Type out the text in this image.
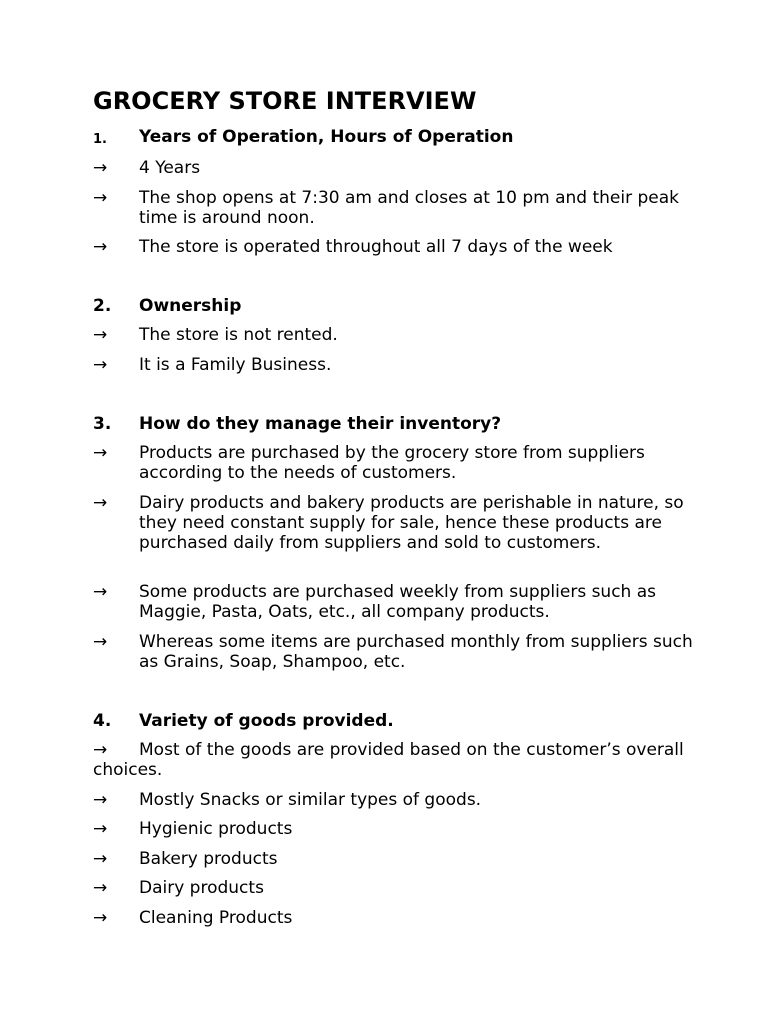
GROCERY STORE INTERVIEW
1. Years of Operation, Hours of Operation
→ 4 Years
→ The shop opens at 7:30 am and closes at 10 pm and their peak time is around noon.
→ The store is operated throughout all 7 days of the week
2. Ownership
→ The store is not rented.
→ It is a Family Business.
3. How do they manage their inventory?
→ Products are purchased by the grocery store from suppliers according to the needs of customers.
→ Dairy products and bakery products are perishable in nature, so they need constant supply for sale, hence these products are purchased daily from suppliers and sold to customers.
→ Some products are purchased weekly from suppliers such as Maggie, Pasta, Oats, etc., all company products.
→ Whereas some items are purchased monthly from suppliers such as Grains, Soap, Shampoo, etc.
4. Variety of goods provided.
→ Most of the goods are provided based on the customer’s overall choices.
→ Mostly Snacks or similar types of goods.
→ Hygienic products
→ Bakery products
→ Dairy products
→ Cleaning Products
